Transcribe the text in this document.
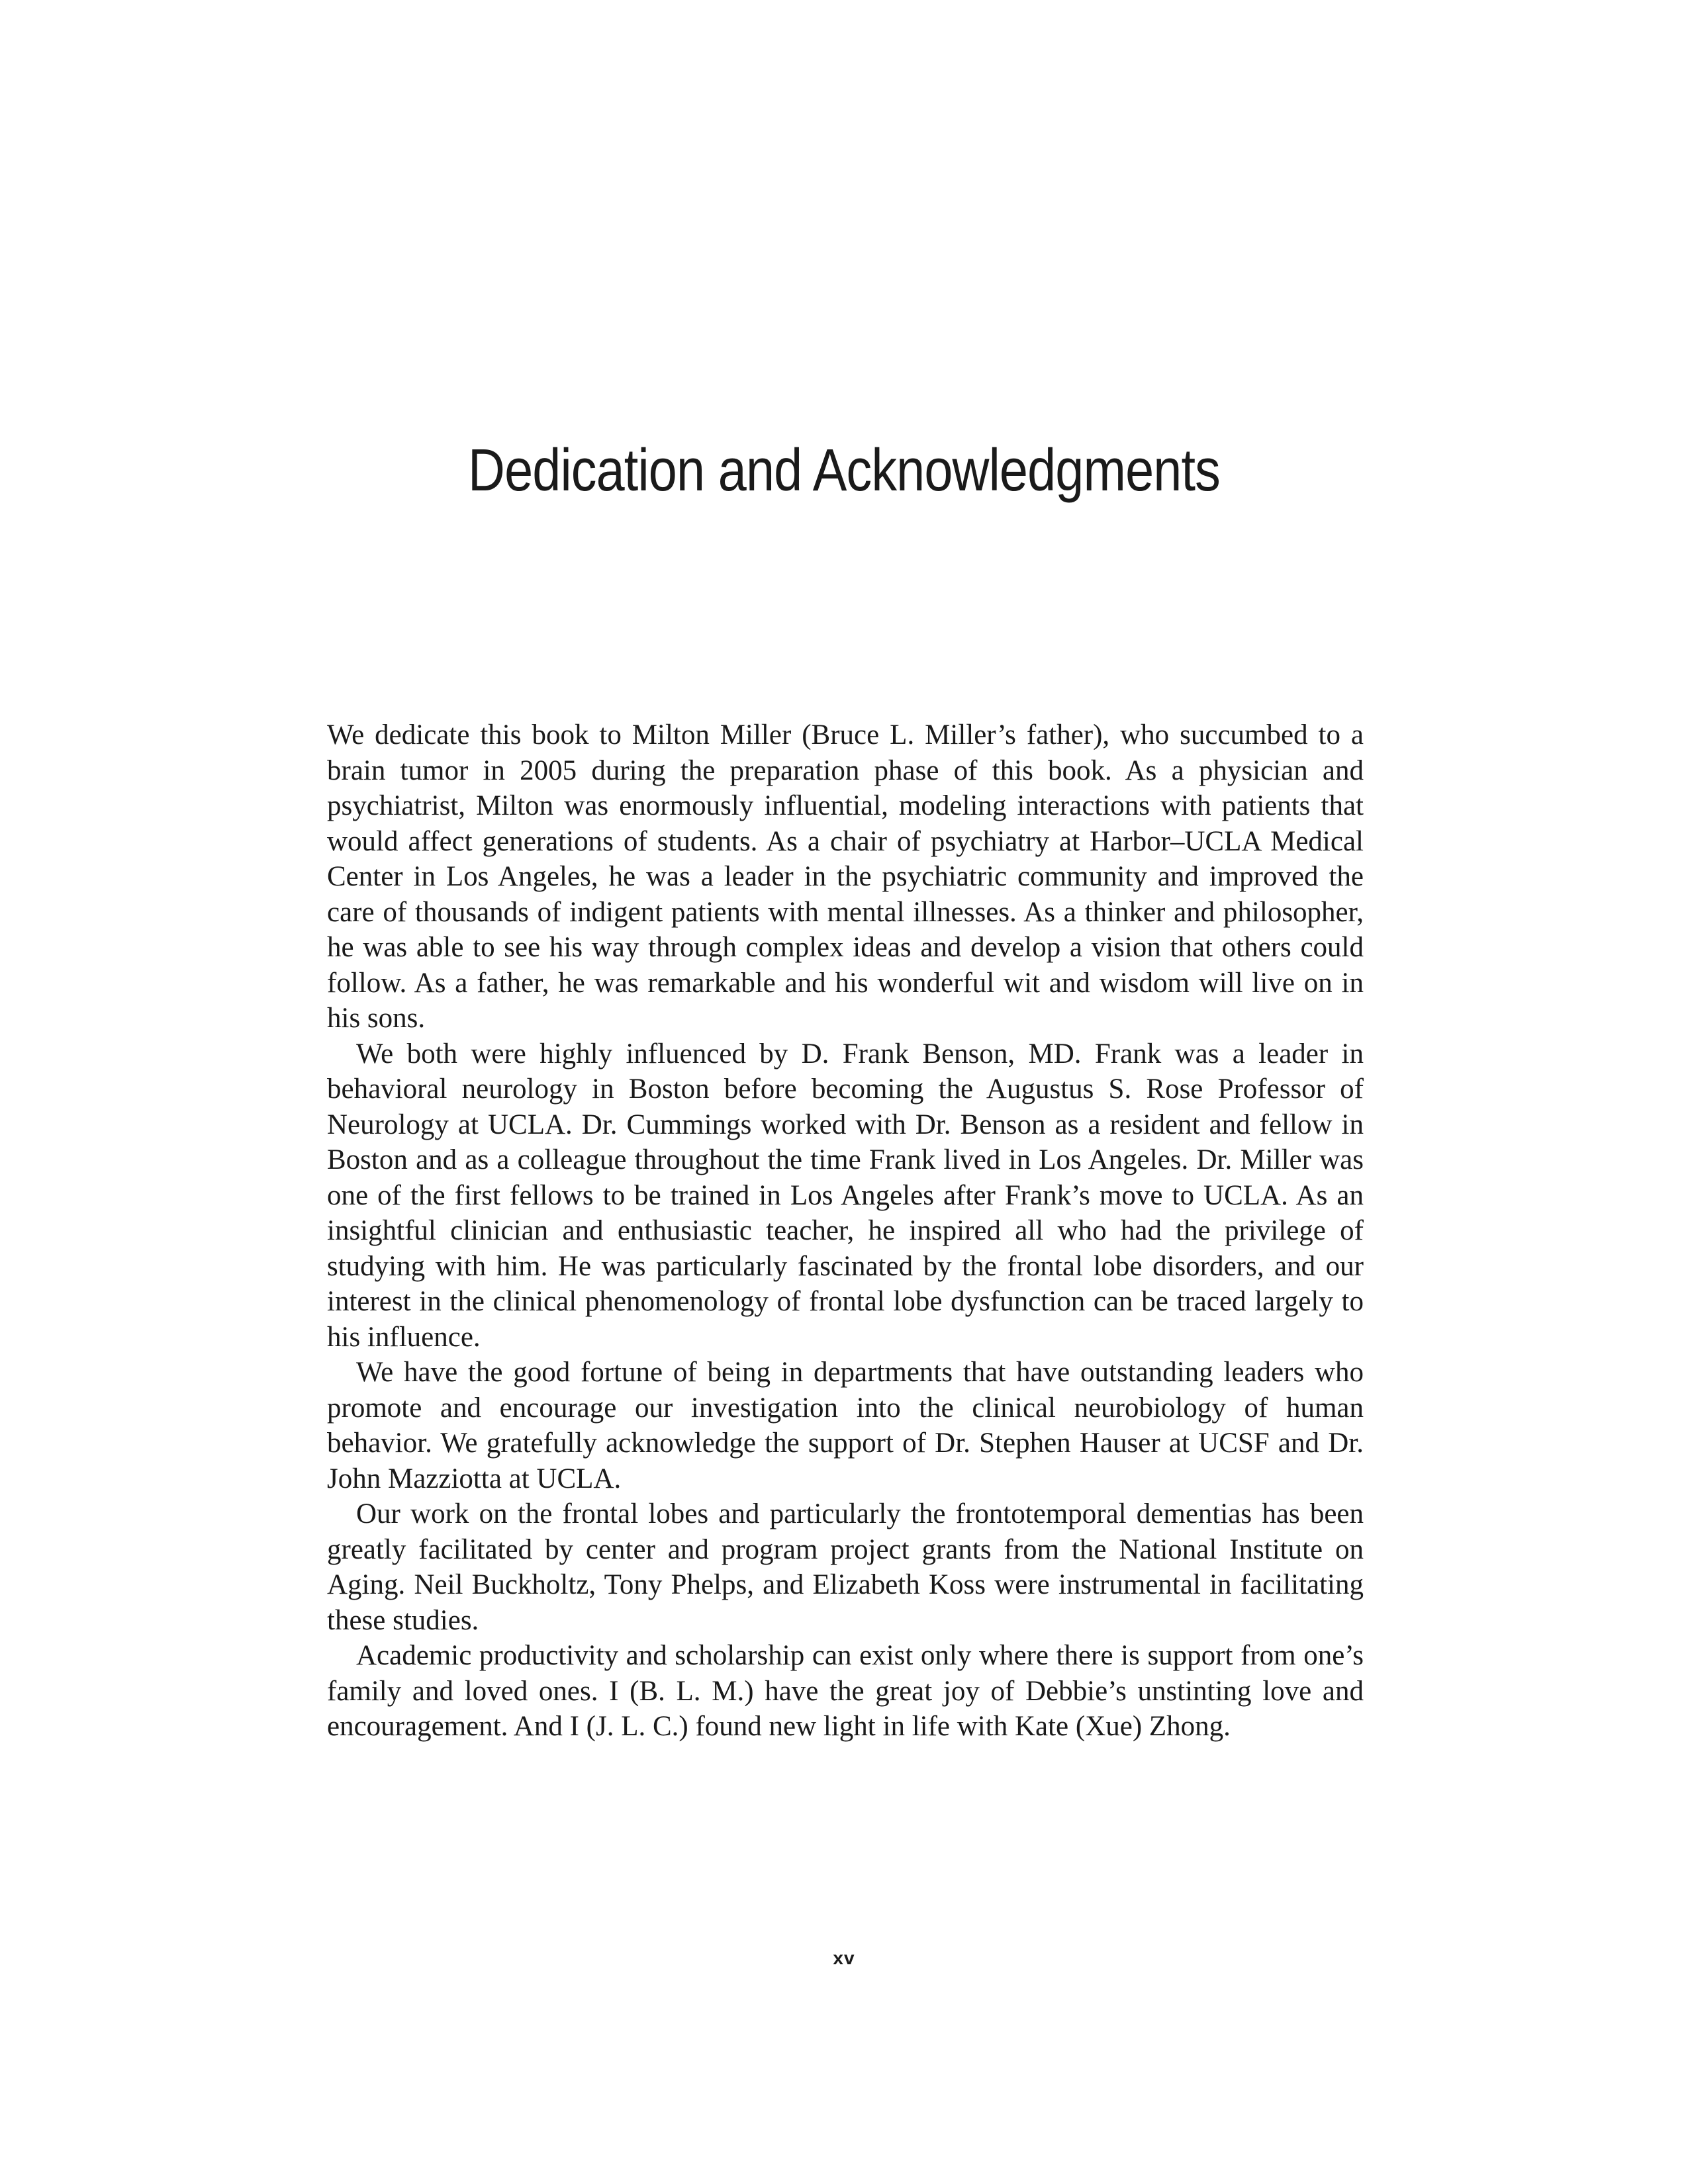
Dedication and Acknowledgments

We dedicate this book to Milton Miller (Bruce L. Miller’s father), who succumbed to a brain tumor in 2005 during the preparation phase of this book. As a physician and psychiatrist, Milton was enormously influential, modeling interactions with patients that would affect generations of students. As a chair of psychiatry at Harbor–UCLA Medical Center in Los Angeles, he was a leader in the psychiatric community and improved the care of thousands of indigent patients with mental illnesses. As a thinker and philosopher, he was able to see his way through complex ideas and develop a vision that others could follow. As a father, he was remarkable and his wonderful wit and wisdom will live on in his sons.

We both were highly influenced by D. Frank Benson, MD. Frank was a leader in behavioral neurology in Boston before becoming the Augustus S. Rose Professor of Neurology at UCLA. Dr. Cummings worked with Dr. Benson as a resident and fellow in Boston and as a colleague throughout the time Frank lived in Los Angeles. Dr. Miller was one of the first fellows to be trained in Los Angeles after Frank’s move to UCLA. As an insightful clinician and enthusiastic teacher, he inspired all who had the privilege of studying with him. He was particularly fascinated by the frontal lobe disorders, and our interest in the clinical phenomenology of frontal lobe dysfunction can be traced largely to his influence.

We have the good fortune of being in departments that have outstanding leaders who promote and encourage our investigation into the clinical neurobiology of human behavior. We gratefully acknowledge the support of Dr. Stephen Hauser at UCSF and Dr. John Mazziotta at UCLA.

Our work on the frontal lobes and particularly the frontotemporal dementias has been greatly facilitated by center and program project grants from the National Institute on Aging. Neil Buckholtz, Tony Phelps, and Elizabeth Koss were instrumental in facilitating these studies.

Academic productivity and scholarship can exist only where there is support from one’s family and loved ones. I (B. L. M.) have the great joy of Debbie’s unstinting love and encouragement. And I (J. L. C.) found new light in life with Kate (Xue) Zhong.

xv
